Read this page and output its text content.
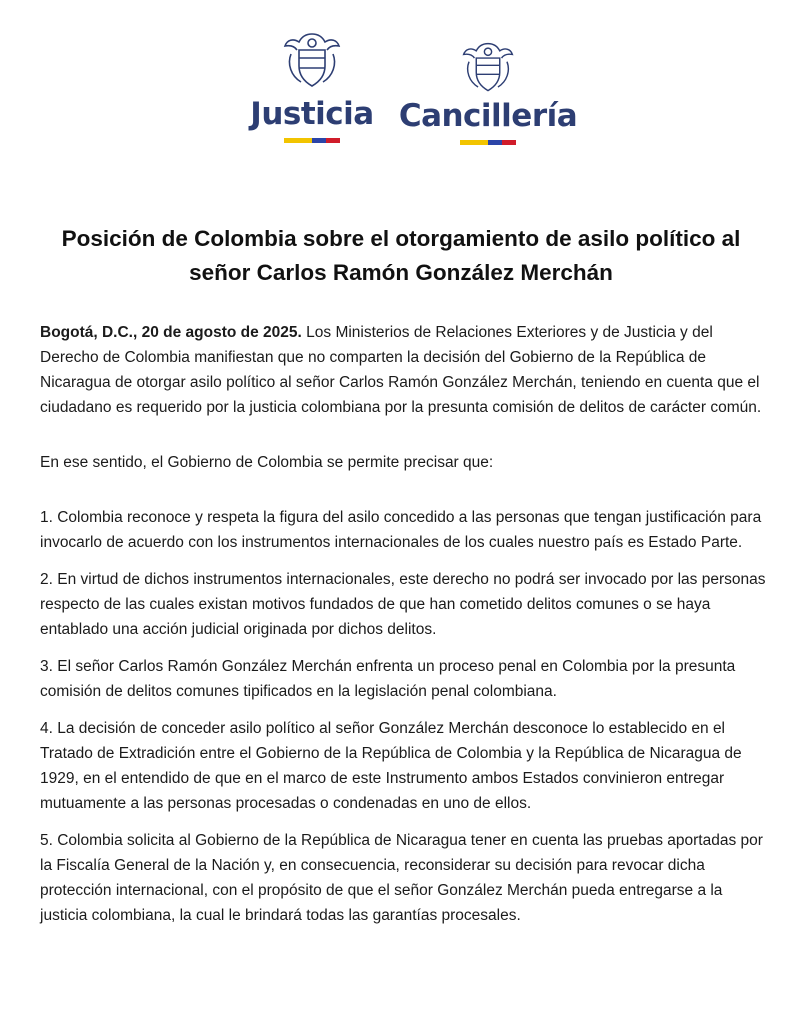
Justicia Cancillería
Posición de Colombia sobre el otorgamiento de asilo político al señor Carlos Ramón González Merchán

Bogotá, D.C., 20 de agosto de 2025. Los Ministerios de Relaciones Exteriores y de Justicia y del Derecho de Colombia manifiestan que no comparten la decisión del Gobierno de la República de Nicaragua de otorgar asilo político al señor Carlos Ramón González Merchán, teniendo en cuenta que el ciudadano es requerido por la justicia colombiana por la presunta comisión de delitos de carácter común.

En ese sentido, el Gobierno de Colombia se permite precisar que:

1. Colombia reconoce y respeta la figura del asilo concedido a las personas que tengan justificación para invocarlo de acuerdo con los instrumentos internacionales de los cuales nuestro país es Estado Parte.

2. En virtud de dichos instrumentos internacionales, este derecho no podrá ser invocado por las personas respecto de las cuales existan motivos fundados de que han cometido delitos comunes o se haya entablado una acción judicial originada por dichos delitos.

3. El señor Carlos Ramón González Merchán enfrenta un proceso penal en Colombia por la presunta comisión de delitos comunes tipificados en la legislación penal colombiana.

4. La decisión de conceder asilo político al señor González Merchán desconoce lo establecido en el Tratado de Extradición entre el Gobierno de la República de Colombia y la República de Nicaragua de 1929, en el entendido de que en el marco de este Instrumento ambos Estados convinieron entregar mutuamente a las personas procesadas o condenadas en uno de ellos.

5. Colombia solicita al Gobierno de la República de Nicaragua tener en cuenta las pruebas aportadas por la Fiscalía General de la Nación y, en consecuencia, reconsiderar su decisión para revocar dicha protección internacional, con el propósito de que el señor González Merchán pueda entregarse a la justicia colombiana, la cual le brindará todas las garantías procesales.
